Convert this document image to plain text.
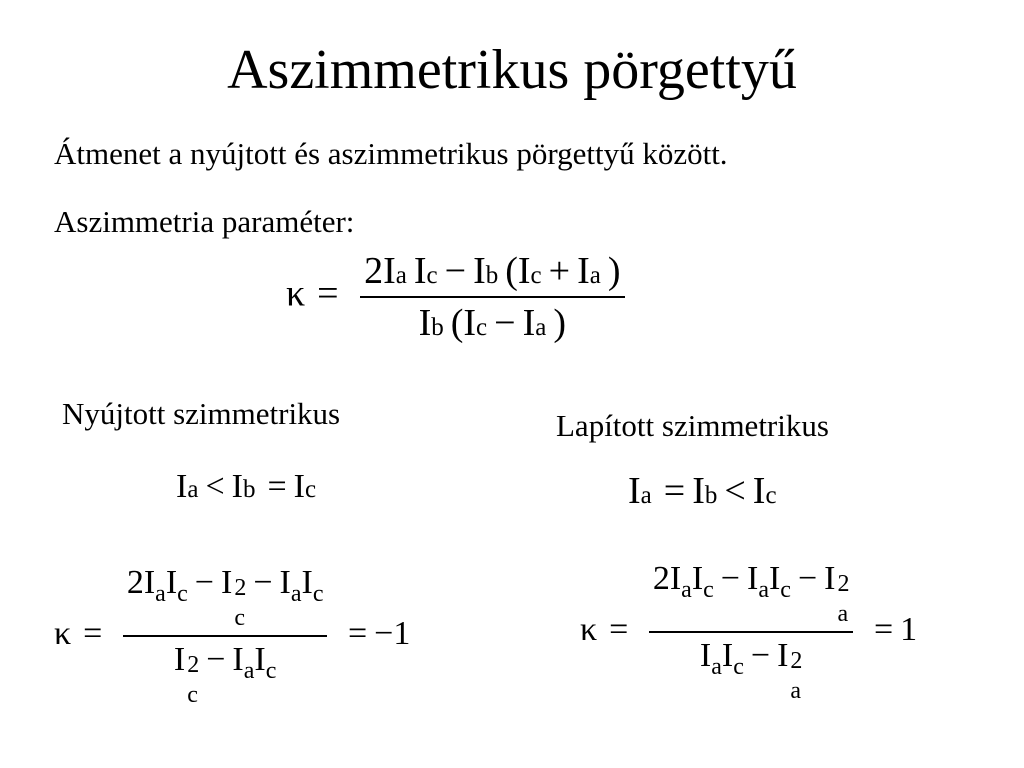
Aszimmetrikus pörgettyű
Átmenet a nyújtott és aszimmetrikus pörgettyű között.
Aszimmetria paraméter:
$\kappa = \frac{\text{2Ia Ic − Ib (Ic + Ia )}}{Ib (Ic - Ia )}$
Nyújtott szimmetrikus	Lapított szimmetrikus
Ia < Ib = Ic	Ia = Ib < Ic
$\kappa = 2I_aI_c - I$ 2
c
− $I_aI_c$
I 2
c
− $I_aI_c = -1$	$\kappa = 2I_aI_c - I_aI_c - I$ 2
a
$I_aI_c - I$ 2
a = 1
